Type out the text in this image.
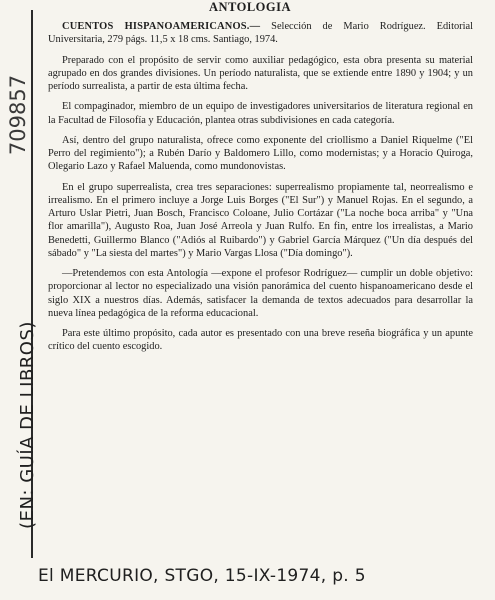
ANTOLOGIA
709857
(EN: GUÍA DE LIBROS)

CUENTOS HISPANOAMERICANOS.— Selección de Mario Rodríguez. Editorial Universitaria, 279 págs. 11,5 x 18 cms. Santiago, 1974.

Preparado con el propósito de servir como auxiliar pedagógico, esta obra presenta su material agrupado en dos grandes divisiones. Un período naturalista, que se extiende entre 1890 y 1904; y un período surrealista, a partir de esta última fecha.

El compaginador, miembro de un equipo de investigadores universitarios de literatura regional en la Facultad de Filosofía y Educación, plantea otras subdivisiones en cada categoría.

Así, dentro del grupo naturalista, ofrece como exponente del criollismo a Daniel Riquelme ("El Perro del regimiento"); a Rubén Darío y Baldomero Lillo, como modernistas; y a Horacio Quiroga, Olegario Lazo y Rafael Maluenda, como mundonovistas.

En el grupo superrealista, crea tres separaciones: superrealismo propiamente tal, neorrealismo e irrealismo. En el primero incluye a Jorge Luis Borges ("El Sur") y Manuel Rojas. En el segundo, a Arturo Uslar Pietri, Juan Bosch, Francisco Coloane, Julio Cortázar ("La noche boca arriba" y "Una flor amarilla"), Augusto Roa, Juan José Arreola y Juan Rulfo. En fin, entre los irrealistas, a Mario Benedetti, Guillermo Blanco ("Adiós al Ruibardo") y Gabriel García Márquez ("Un día después del sábado" y "La siesta del martes") y Mario Vargas Llosa ("Día domingo").

—Pretendemos con esta Antología —expone el profesor Rodríguez— cumplir un doble objetivo: proporcionar al lector no especializado una visión panorámica del cuento hispanoamericano desde el siglo XIX a nuestros días. Además, satisfacer la demanda de textos adecuados para desarrollar la nueva línea pedagógica de la reforma educacional.

Para este último propósito, cada autor es presentado con una breve reseña biográfica y un apunte crítico del cuento escogido.

El MERCURIO, STGO, 15-IX-1974, p. 5
